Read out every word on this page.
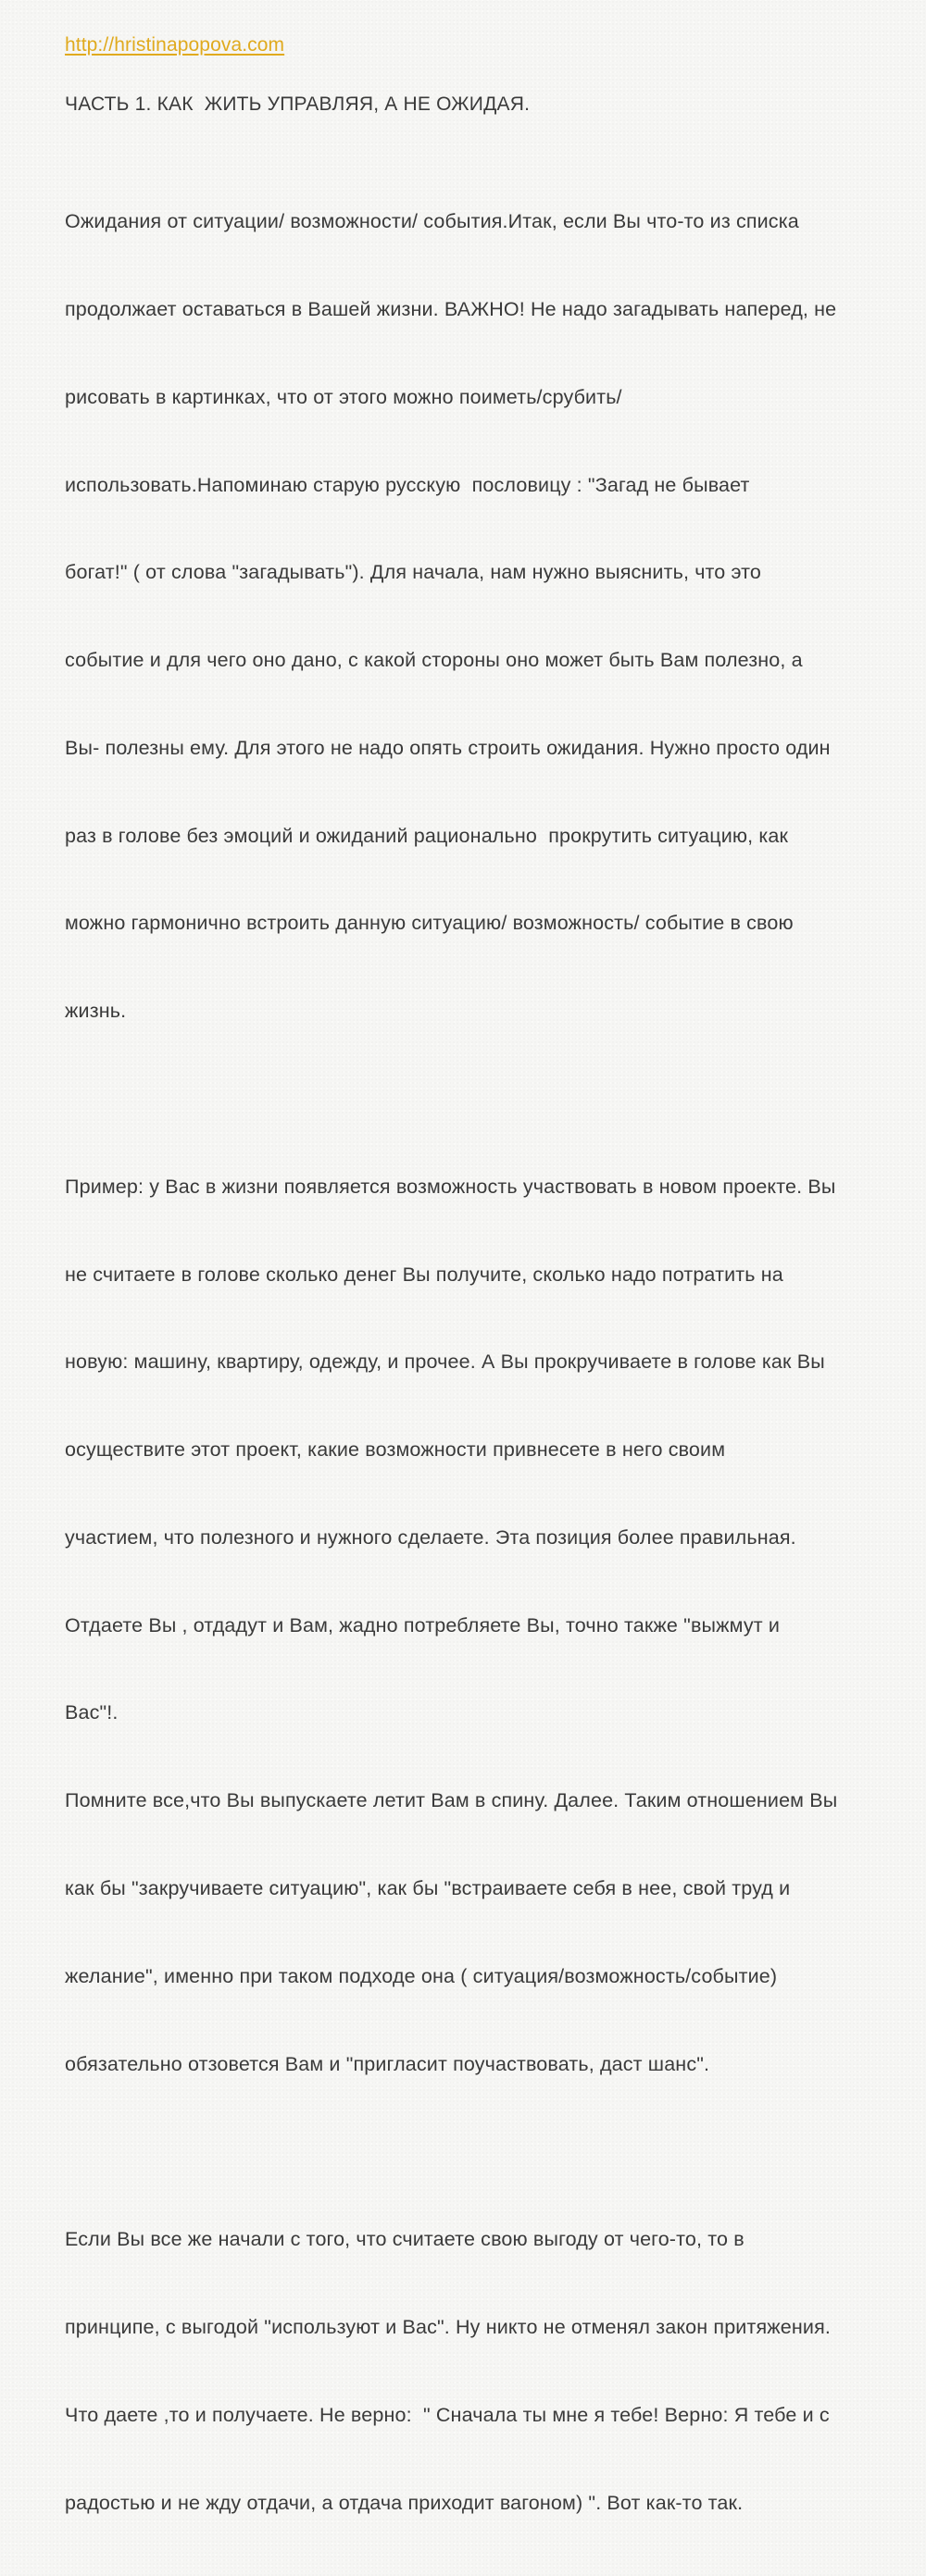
http://hristinapopova.com
ЧАСТЬ 1. КАК  ЖИТЬ УПРАВЛЯЯ, А НЕ ОЖИДАЯ.

Ожидания от ситуации/ возможности/ события.Итак, если Вы что-то из списка

продолжает оставаться в Вашей жизни. ВАЖНО! Не надо загадывать наперед, не

рисовать в картинках, что от этого можно поиметь/срубить/

использовать.Напоминаю старую русскую  пословицу : "Загад не бывает

богат!" ( от слова "загадывать"). Для начала, нам нужно выяснить, что это

событие и для чего оно дано, с какой стороны оно может быть Вам полезно, а

Вы- полезны ему. Для этого не надо опять строить ожидания. Нужно просто один

раз в голове без эмоций и ожиданий рационально  прокрутить ситуацию, как

можно гармонично встроить данную ситуацию/ возможность/ событие в свою

жизнь.

Пример: у Вас в жизни появляется возможность участвовать в новом проекте. Вы

не считаете в голове сколько денег Вы получите, сколько надо потратить на

новую: машину, квартиру, одежду, и прочее. А Вы прокручиваете в голове как Вы

осуществите этот проект, какие возможности привнесете в него своим

участием, что полезного и нужного сделаете. Эта позиция более правильная.

Отдаете Вы , отдадут и Вам, жадно потребляете Вы, точно также "выжмут и

Вас"!.

Помните все,что Вы выпускаете летит Вам в спину. Далее. Таким отношением Вы

как бы "закручиваете ситуацию", как бы "встраиваете себя в нее, свой труд и

желание", именно при таком подходе она ( ситуация/возможность/событие)

обязательно отзовется Вам и "пригласит поучаствовать, даст шанс".

Если Вы все же начали с того, что считаете свою выгоду от чего-то, то в

принципе, с выгодой "используют и Вас". Ну никто не отменял закон притяжения.

Что даете ,то и получаете. Не верно:  " Сначала ты мне я тебе! Верно: Я тебе и с

радостью и не жду отдачи, а отдача приходит вагоном) ". Вот как-то так.
